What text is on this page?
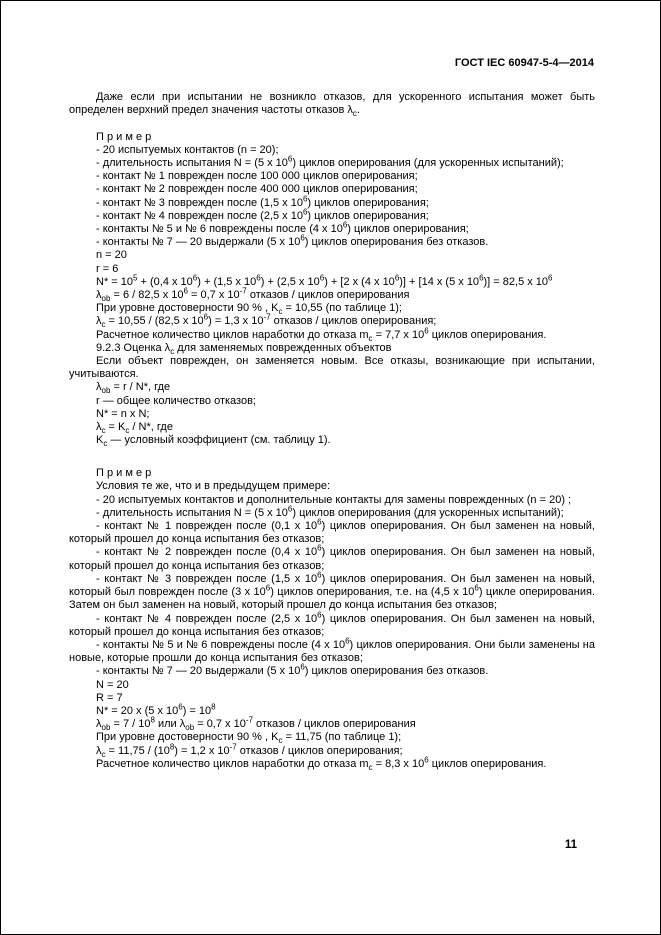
ГОСТ IEC 60947-5-4—2014
Даже если при испытании не возникло отказов, для ускоренного испытания может быть определен верхний предел значения частоты отказов $\lambda_с$.
П р и м е р
- 20 испытуемых контактов (n = 20);
- длительность испытания N = (5 х $10^6$) циклов оперирования (для ускоренных испытаний);
- контакт № 1 поврежден после 100 000 циклов оперирования;
- контакт № 2 поврежден после 400 000 циклов оперирования;
- контакт № 3 поврежден после (1,5 х $10^6$) циклов оперирования;
- контакт № 4 поврежден после (2,5 х $10^6$) циклов оперирования;
- контакты № 5 и № 6 повреждены после (4 х $10^6$) циклов оперирования;
- контакты № 7 — 20 выдержали (5 х $10^6$) циклов оперирования без отказов.
n = 20
r = 6
$N* = 10^5 + (0,4$ х $10^6) + (1,5$ х $10^6) + (2,5$ х $10^6) + [2$ х (4 х $10^6)] + [14$ х (5 х $10^6)] = 82,5$ х $10^6$
$\lambda_{ob} = 6 / 82,5$ х $10^6 = 0,7$ х $10^{-7}$ отказов / циклов оперирования
При уровне достоверности 90 % , $K_с = 10,55$ (по таблице 1);
$\lambda_с = 10,55 / (82,5$ х $10^6) = 1,3$ х $10^{-7}$ отказов / циклов оперирования;
Расчетное количество циклов наработки до отказа $m_с = 7,7$ х $10^6$ циклов оперирования.
9.2.3 Оценка $\lambda_с$ для заменяемых поврежденных объектов
Если объект поврежден, он заменяется новым. Все отказы, возникающие при испытании, учитываются.
$\lambda_{ob} = r / N*$, где
r — общее количество отказов;
N* = n х N;
$\lambda_с = K_с / N*$, где
$K_с$ — условный коэффициент (см. таблицу 1).
П р и м е р
Условия те же, что и в предыдущем примере:
- 20 испытуемых контактов и дополнительные контакты для замены поврежденных (n = 20) ;
- длительность испытания N = (5 х $10^6$) циклов оперирования (для ускоренных испытаний);
- контакт № 1 поврежден после (0,1 х $10^6$) циклов оперирования. Он был заменен на новый, который прошел до конца испытания без отказов;
- контакт № 2 поврежден после (0,4 х $10^6$) циклов оперирования. Он был заменен на новый, который прошел до конца испытания без отказов;
- контакт № 3 поврежден после (1,5 х $10^6$) циклов оперирования. Он был заменен на новый, который был поврежден после (3 х $10^6$) циклов оперирования, т.е. на (4,5 х $10^6$) цикле оперирования. Затем он был заменен на новый, который прошел до конца испытания без отказов;
- контакт № 4 поврежден после (2,5 х $10^6$) циклов оперирования. Он был заменен на новый, который прошел до конца испытания без отказов;
- контакты № 5 и № 6 повреждены после (4 х $10^6$) циклов оперирования. Они были заменены на новые, которые прошли до конца испытания без отказов;
- контакты № 7 — 20 выдержали (5 х $10^6$) циклов оперирования без отказов.
N = 20
R = 7
N* = 20 х (5 х $10^6) = 10^8$
$\lambda_{ob} = 7 / 10^8$ или $\lambda_{ob} = 0,7$ х $10^{-7}$ отказов / циклов оперирования
При уровне достоверности 90 % , $K_с = 11,75$ (по таблице 1);
$\lambda_с = 11,75 / (10^8) = 1,2$ х $10^{-7}$ отказов / циклов оперирования;
Расчетное количество циклов наработки до отказа $m_с = 8,3$ х $10^6$ циклов оперирования.
11
